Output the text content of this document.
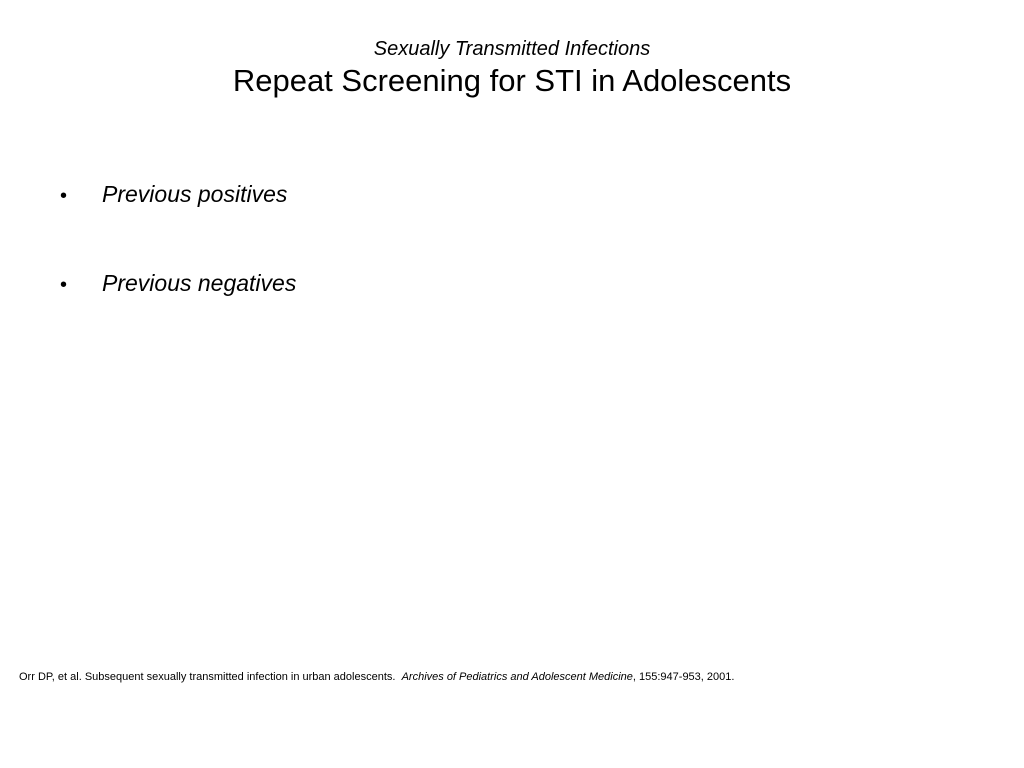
Sexually Transmitted Infections
Repeat Screening for STI in Adolescents
•	Previous positives
•	Previous negatives
Orr DP, et al. Subsequent sexually transmitted infection in urban adolescents. Archives of Pediatrics and Adolescent Medicine, 155:947-953, 2001.
